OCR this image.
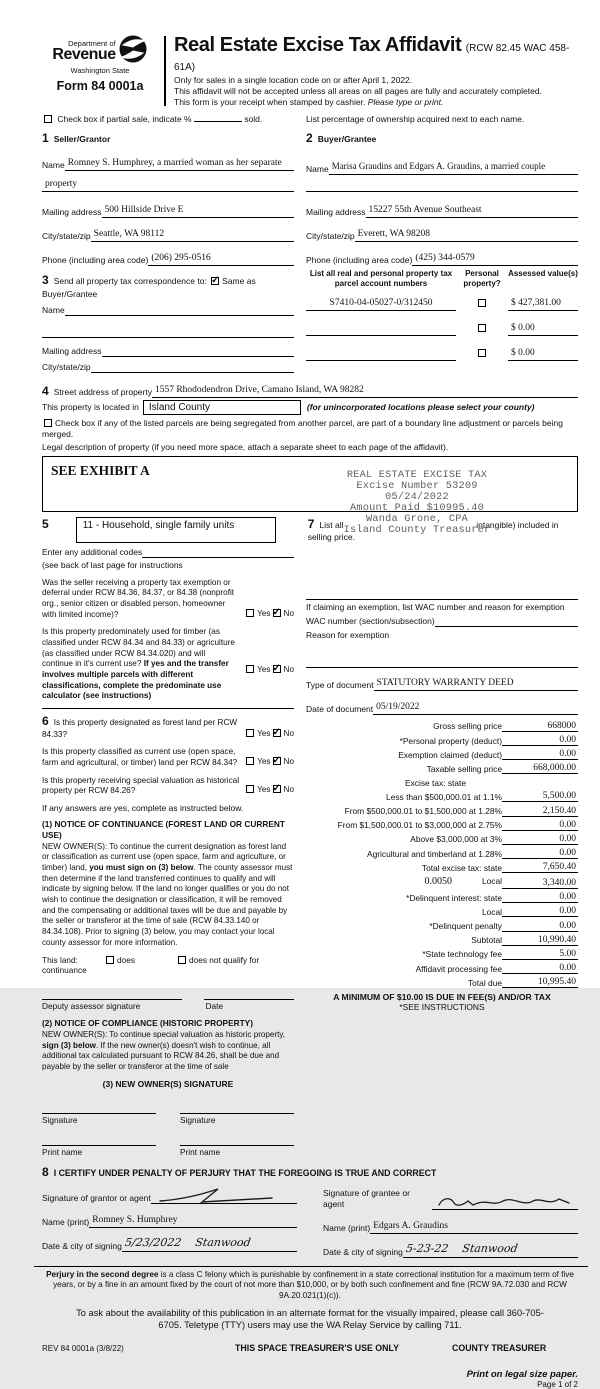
Department of
Revenue
Washington State
Form 84 0001a
Real Estate Excise Tax Affidavit (RCW 82.45 WAC 458-61A)
Only for sales in a single location code on or after April 1, 2022.
This affidavit will not be accepted unless all areas on all pages are fully and accurately completed.
This form is your receipt when stamped by cashier. Please type or print.
Check box if partial sale, indicate %	sold.	List percentage of ownership acquired next to each name.
1 Seller/Grantor
Name Romney S. Humphrey, a married woman as her separate
property
Mailing address 500 Hillside Drive E
City/state/zip Seattle, WA 98112
Phone (including area code) (206) 295-0516
2 Buyer/Grantee
Name Marisa Graudins and Edgars A. Graudins, a married couple
Mailing address 15227 55th Avenue Southeast
City/state/zip Everett, WA 98208
Phone (including area code) (425) 344-0579
3 Send all property tax correspondence to: ✓ Same as Buyer/Grantee
Name
Mailing address
City/state/zip
List all real and personal property tax parcel account numbers
Personal property?
Assessed value(s)
S7410-04-05027-0/312450	$ 427,381.00
$ 0.00
$ 0.00
4 Street address of property 1557 Rhododendron Drive, Camano Island, WA 98282
This property is located in	Island County	(for unincorporated locations please select your county)
Check box if any of the listed parcels are being segregated from another parcel, are part of a boundary line adjustment or parcels being merged.
Legal description of property (if you need more space, attach a separate sheet to each page of the affidavit).
SEE EXHIBIT A	REAL ESTATE EXCISE TAX
Excise Number 53209
05/24/2022
Amount Paid $10995.40
Wanda Grone, CPA
Island County Treasurer
5	11 - Household, single family units	7 List all	intangible) included in selling price.
Enter any additional codes
(see back of last page for instructions
Was the seller receiving a property tax exemption or deferral under RCW 84.36, 84.37, or 84.38 (nonprofit org., senior citizen or disabled person, homeowner with limited income)?	Yes ✓ No
Is this property predominately used for timber (as classified under RCW 84.34 and 84.33) or agriculture (as classified under RCW 84.34.020) and will continue in it's current use? If yes and the transfer involves multiple parcels with different classifications, complete the predominate use calculator (see instructions)
Yes ✓ No
6 Is this property designated as forest land per RCW 84.33?	Yes ✓ No
Is this property classified as current use (open space, farm and agricultural, or timber) land per RCW 84.34?	Yes ✓ No
Is this property receiving special valuation as historical property per RCW 84.26?	Yes ✓ No
If any answers are yes, complete as instructed below.
(1) NOTICE OF CONTINUANCE (FOREST LAND OR CURRENT USE)
NEW OWNER(S): To continue the current designation as forest land or classification as current use (open space, farm and agriculture, or timber) land, you must sign on (3) below. The county assessor must then determine if the land transferred continues to qualify and will indicate by signing below. If the land no longer qualifies or you do not wish to continue the designation or classification, it will be removed and the compensating or additional taxes will be due and payable by the seller or transferor at the time of sale (RCW 84.33.140 or 84.34.108). Prior to signing (3) below, you may contact your local county assessor for more information.
This land:	does	does not qualify for
continuance
Deputy assessor signature	Date
(2) NOTICE OF COMPLIANCE (HISTORIC PROPERTY)
NEW OWNER(S): To continue special valuation as historic property, sign (3) below. If the new owner(s) doesn't wish to continue, all additional tax calculated pursuant to RCW 84.26, shall be due and payable by the seller or transferor at the time of sale
(3) NEW OWNER(S) SIGNATURE
Signature	Signature
Print name	Print name
If claiming an exemption, list WAC number and reason for exemption
WAC number (section/subsection)
Reason for exemption
Type of document STATUTORY WARRANTY DEED
Date of document 05/19/2022
Gross selling price	668000
*Personal property (deduct)	0.00
Exemption claimed (deduct)	0.00
Taxable selling price	668,000.00
Excise tax: state
Less than $500,000.01 at 1.1%	5,500.00
From $500,000.01 to $1,500,000 at 1.28%	2,150.40
From $1,500,000.01 to $3,000,000 at 2.75%	0.00
Above $3,000,000 at 3%	0.00
Agricultural and timberland at 1.28%	0.00
Total excise tax: state	7,650.40
0.0050	Local	3,340.00
*Delinquent interest: state	0.00
Local	0.00
*Delinquent penalty	0.00
Subtotal	10,990.40
*State technology fee	5.00
Affidavit processing fee	0.00
Total due	10,995.40
A MINIMUM OF $10.00 IS DUE IN FEE(S) AND/OR TAX
*SEE INSTRUCTIONS
8 I CERTIFY UNDER PENALTY OF PERJURY THAT THE FOREGOING IS TRUE AND CORRECT
Signature of grantor or agent
Name (print) Romney S. Humphrey
Date & city of signing 5/23/2022    Stanwood
Signature of grantee or agent
Name (print) Edgars A. Graudins
Date & city of signing 5-23-22    Stanwood
Perjury in the second degree is a class C felony which is punishable by confinement in a state correctional institution for a maximum term of five years, or by a fine in an amount fixed by the court of not more than $10,000, or by both such confinement and fine (RCW 9A.72.030 and RCW 9A.20.021(1)(c)).
To ask about the availability of this publication in an alternate format for the visually impaired, please call 360-705-6705. Teletype (TTY) users may use the WA Relay Service by calling 711.
REV 84 0001a (3/8/22)	THIS SPACE TREASURER'S USE ONLY	COUNTY TREASURER
Print on legal size paper.
Page 1 of 2
